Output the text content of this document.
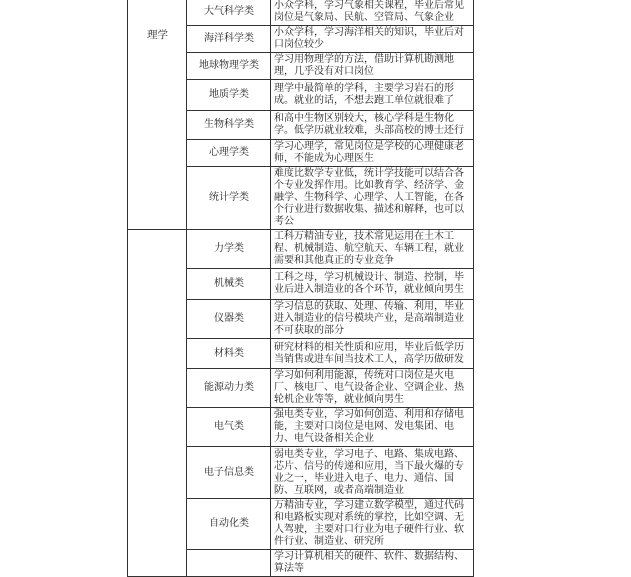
理学	大气科学类	小众学科，学习气象相关课程，毕业后常见岗位是气象局、民航、空管局、气象企业
	海洋科学类	小众学科，学习海洋相关的知识，毕业后对口岗位较少
	地球物理学类	学习用物理学的方法，借助计算机勘测地理，几乎没有对口岗位
	地质学类	理学中最简单的学科，主要学习岩石的形成。就业的话，不想去跑工单位就很难了
	生物科学类	和高中生物区别较大，核心学科是生物化学。低学历就业较难，头部高校的博士还行
	心理学类	学习心理学，常见岗位是学校的心理健康老师，不能成为心理医生
	统计学类	难度比数学专业低，统计学技能可以结合各个专业发挥作用。比如教育学、经济学、金融学、生物科学、心理学、人工智能，在各个行业进行数据收集、描述和解释，也可以考公
	力学类	工科万精油专业，技术常见运用在土木工程、机械制造、航空航天、车辆工程，就业需要和其他真正的专业竞争
	机械类	工科之母，学习机械设计、制造、控制，毕业后进入制造业的各个环节，就业倾向男生
	仪器类	学习信息的获取、处理、传输、利用，毕业进入制造业的信号模块产业，是高端制造业不可获取的部分
	材料类	研究材料的相关性质和应用，毕业后低学历当销售或进车间当技术工人，高学历做研发
	能源动力类	学习如何利用能源，传统对口岗位是火电厂、核电厂、电气设备企业、空调企业、热轮机企业等等，就业倾向男生
	电气类	强电类专业，学习如何创造、利用和存储电能，主要对口岗位是电网、发电集团、电力、电气设备相关企业
	电子信息类	弱电类专业，学习电子、电路、集成电路、芯片、信号的传递和应用，当下最火爆的专业之一，毕业进入电子、电力、通信、国防、互联网，或者高端制造业
	自动化类	万精油专业，学习建立数学模型，通过代码和电路板实现对系统的掌控，比如空调、无人驾驶，主要对口行业为电子硬件行业、软件行业、制造业、研究所
		学习计算机相关的硬件、软件、数据结构、算法等
